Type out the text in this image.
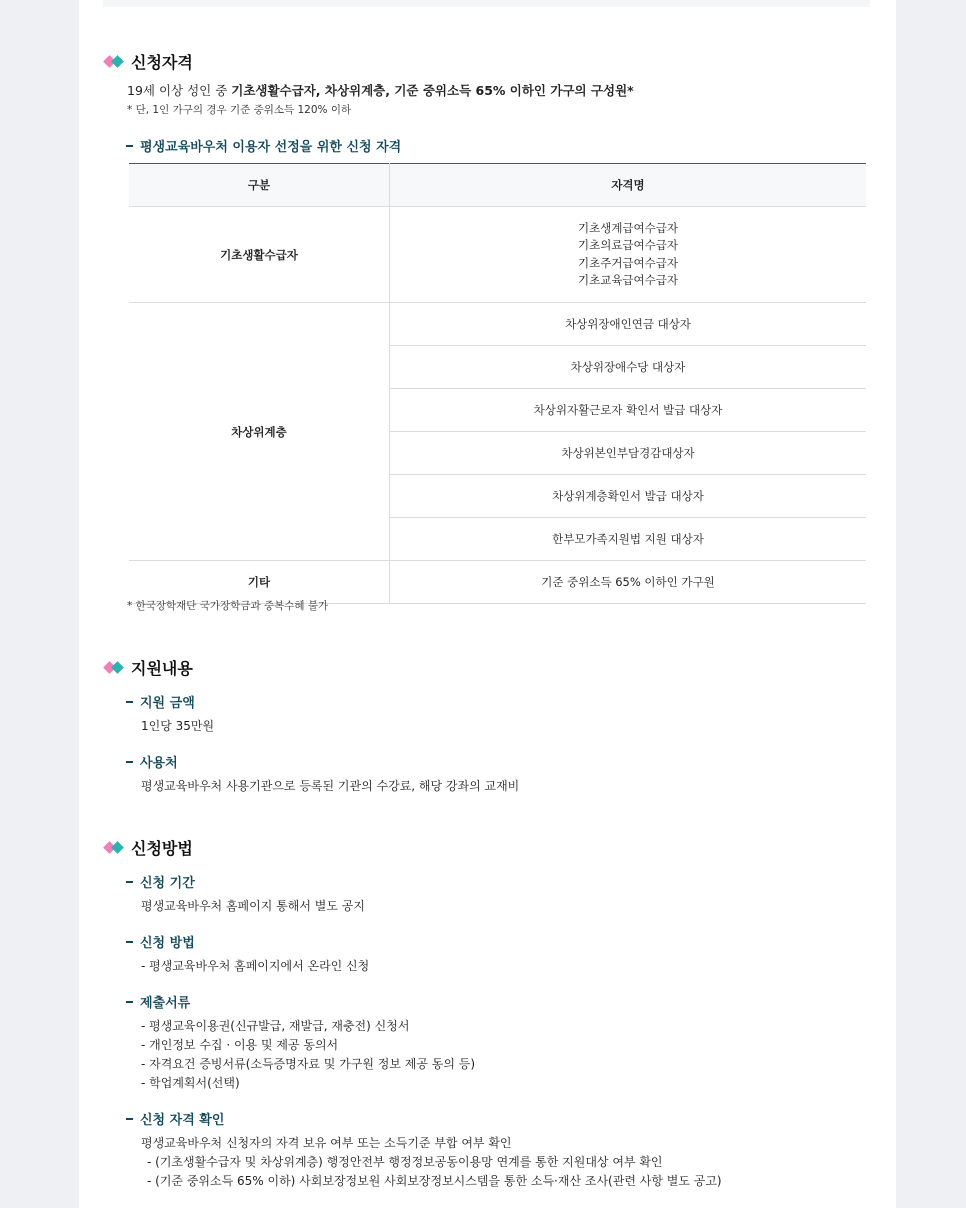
신청자격
19세 이상 성인 중 기초생활수급자, 차상위계층, 기준 중위소득 65% 이하인 가구의 구성원*
* 단, 1인 가구의 경우 기준 중위소득 120% 이하
평생교육바우처 이용자 선정을 위한 신청 자격
구분	자격명
기초생활수급자	기초생계급여수급자
기초의료급여수급자
기초주거급여수급자
기초교육급여수급자

차상위계층	차상위장애인연금 대상자
	차상위장애수당 대상자
	차상위자활근로자 확인서 발급 대상자
	차상위본인부담경감대상자
	차상위계층확인서 발급 대상자
	한부모가족지원법 지원 대상자
기타	기준 중위소득 65% 이하인 가구원
* 한국장학재단 국가장학금과 중복수혜 불가
지원내용
지원 금액
1인당 35만원
사용처
평생교육바우처 사용기관으로 등록된 기관의 수강료, 해당 강좌의 교재비
신청방법
신청 기간
평생교육바우처 홈페이지 통해서 별도 공지
신청 방법
- 평생교육바우처 홈페이지에서 온라인 신청
제출서류
- 평생교육이용권(신규발급, 재발급, 재충전) 신청서
- 개인정보 수집 · 이용 및 제공 동의서
- 자격요건 증빙서류(소득증명자료 및 가구원 정보 제공 동의 등)
- 학업계획서(선택)
신청 자격 확인
평생교육바우처 신청자의 자격 보유 여부 또는 소득기준 부합 여부 확인
- (기초생활수급자 및 차상위계층) 행정안전부 행정정보공동이용망 연계를 통한 지원대상 여부 확인
- (기준 중위소득 65% 이하) 사회보장정보원 사회보장정보시스템을 통한 소득·재산 조사(관련 사항 별도 공고)
